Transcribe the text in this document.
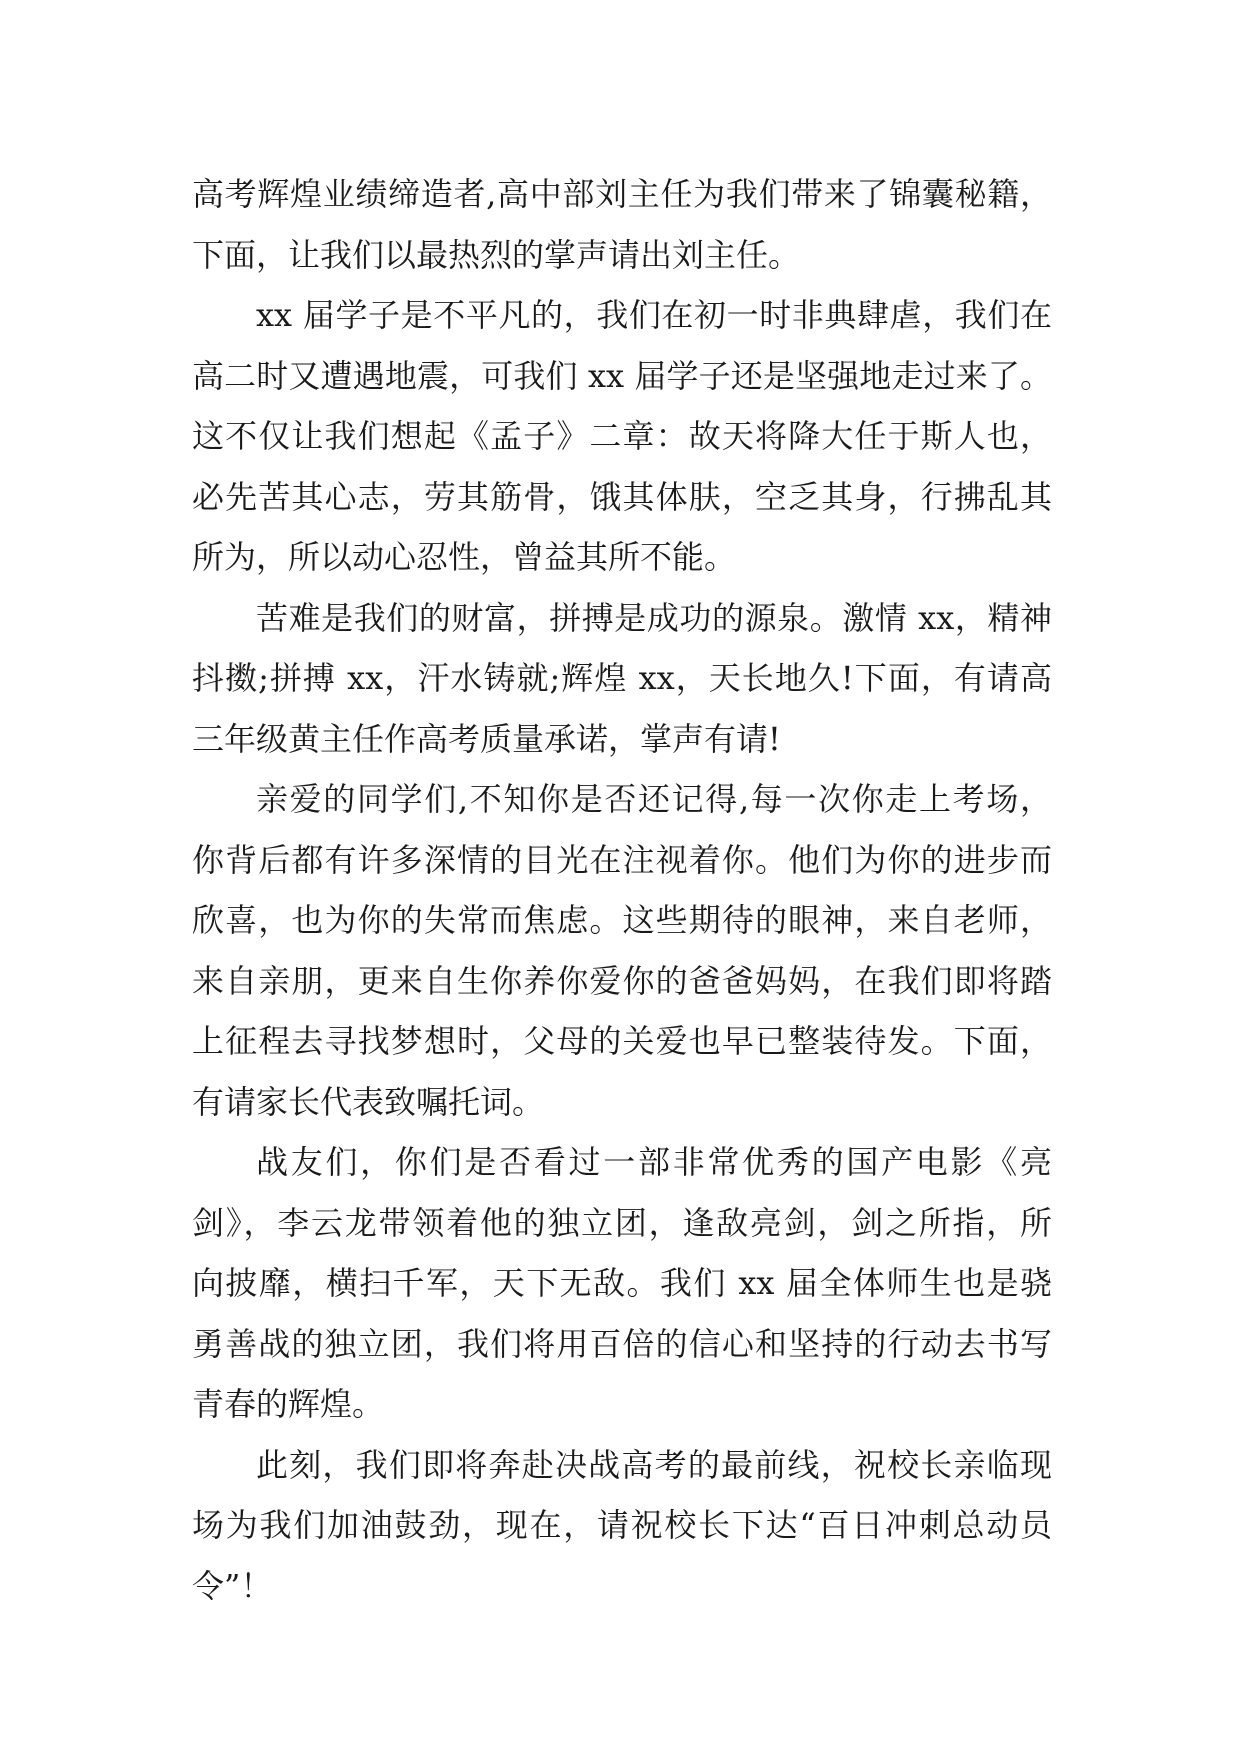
高考辉煌业绩缔造者,高中部刘主任为我们带来了锦囊秘籍，
下面，让我们以最热烈的掌声请出刘主任。
xx 届学子是不平凡的，我们在初一时非典肆虐，我们在
高二时又遭遇地震，可我们 xx 届学子还是坚强地走过来了。
这不仅让我们想起《孟子》二章：故天将降大任于斯人也，
必先苦其心志，劳其筋骨，饿其体肤，空乏其身，行拂乱其
所为，所以动心忍性，曾益其所不能。
苦难是我们的财富，拼搏是成功的源泉。激情 xx，精神
抖擞;拼搏 xx，汗水铸就;辉煌 xx，天长地久!下面，有请高
三年级黄主任作高考质量承诺，掌声有请!
亲爱的同学们,不知你是否还记得,每一次你走上考场，
你背后都有许多深情的目光在注视着你。他们为你的进步而
欣喜，也为你的失常而焦虑。这些期待的眼神，来自老师，
来自亲朋，更来自生你养你爱你的爸爸妈妈，在我们即将踏
上征程去寻找梦想时，父母的关爱也早已整装待发。下面，
有请家长代表致嘱托词。
战友们，你们是否看过一部非常优秀的国产电影《亮
剑》，李云龙带领着他的独立团，逢敌亮剑，剑之所指，所
向披靡，横扫千军，天下无敌。我们 xx 届全体师生也是骁
勇善战的独立团，我们将用百倍的信心和坚持的行动去书写
青春的辉煌。
此刻，我们即将奔赴决战高考的最前线，祝校长亲临现
场为我们加油鼓劲，现在，请祝校长下达“百日冲刺总动员
令”！
